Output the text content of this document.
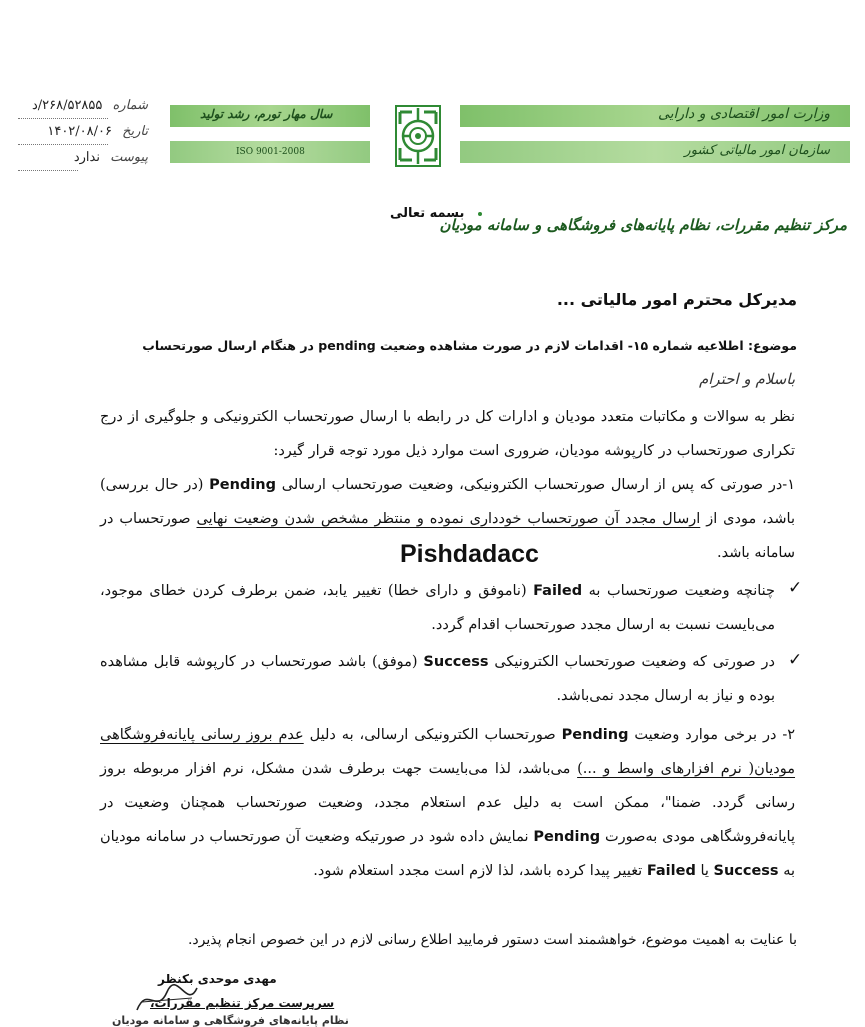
شماره ۲۶۸/۵۲۸۵۵/د
تاریخ ۱۴۰۲/۰۸/۰۶
پیوست ندارد
سال مهار تورم، رشد تولید
ISO 9001-2008
وزارت امور اقتصادی و دارایی
سازمان امور مالیاتی کشور
بسمه تعالی
مرکز تنظیم مقررات، نظام پایانه‌های فروشگاهی و سامانه مودیان
مدیرکل محترم امور مالیاتی ...
موضوع: اطلاعیه شماره ۱۵- اقدامات لازم در صورت مشاهده وضعیت pending در هنگام ارسال صورتحساب
باسلام و احترام
نظر به سوالات و مکاتبات متعدد مودیان و ادارات کل در رابطه با ارسال صورتحساب الکترونیکی و جلوگیری از درج تکراری صورتحساب در کارپوشه مودیان، ضروری است موارد ذیل مورد توجه قرار گیرد:
۱-در صورتی که پس از ارسال صورتحساب الکترونیکی، وضعیت صورتحساب ارسالی Pending (در حال بررسی) باشد، مودی از ارسال مجدد آن صورتحساب خودداری نموده و منتظر مشخص شدن وضعیت نهایی صورتحساب در سامانه باشد.
Pishdadacc
✓
چنانچه وضعیت صورتحساب به Failed (ناموفق و دارای خطا) تغییر یابد، ضمن برطرف کردن خطای موجود، می‌بایست نسبت به ارسال مجدد صورتحساب اقدام گردد.
✓
در صورتی که وضعیت صورتحساب الکترونیکی Success (موفق) باشد صورتحساب در کارپوشه قابل مشاهده بوده و نیاز به ارسال مجدد نمی‌باشد.
۲- در برخی موارد وضعیت Pending صورتحساب الکترونیکی ارسالی، به دلیل عدم بروز رسانی پایانه‌فروشگاهی مودیان( نرم افزارهای واسط و ...) می‌باشد، لذا می‌بایست جهت برطرف شدن مشکل، نرم افزار مربوطه بروز رسانی گردد. ضمنا"، ممکن است به دلیل عدم استعلام مجدد، وضعیت صورتحساب همچنان وضعیت در پایانه‌فروشگاهی مودی به‌صورت Pending نمایش داده شود در صورتیکه وضعیت آن صورتحساب در سامانه مودیان به Success یا Failed تغییر پیدا کرده باشد، لذا لازم است مجدد استعلام شود.
با عنایت به اهمیت موضوع، خواهشمند است دستور فرمایید اطلاع رسانی لازم در این خصوص انجام پذیرد.
مهدی موحدی بکنظر
سرپرست مرکز تنظیم مقررات،
نظام پایانه‌های فروشگاهی و سامانه مودیان
